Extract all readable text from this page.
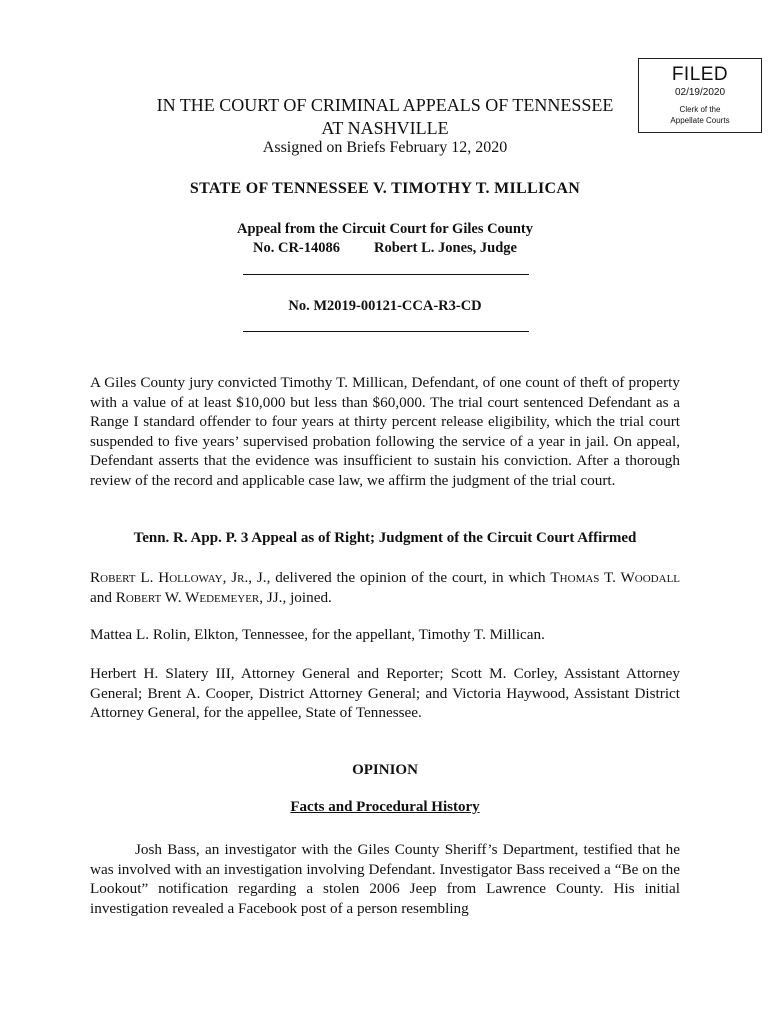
FILED
02/19/2020
Clerk of the
Appellate Courts
IN THE COURT OF CRIMINAL APPEALS OF TENNESSEE
AT NASHVILLE
Assigned on Briefs February 12, 2020
STATE OF TENNESSEE V. TIMOTHY T. MILLICAN
Appeal from the Circuit Court for Giles County
No. CR-14086 Robert L. Jones, Judge
No. M2019-00121-CCA-R3-CD
A Giles County jury convicted Timothy T. Millican, Defendant, of one count of theft of property with a value of at least $10,000 but less than $60,000. The trial court sentenced Defendant as a Range I standard offender to four years at thirty percent release eligibility, which the trial court suspended to five years’ supervised probation following the service of a year in jail. On appeal, Defendant asserts that the evidence was insufficient to sustain his conviction. After a thorough review of the record and applicable case law, we affirm the judgment of the trial court.
Tenn. R. App. P. 3 Appeal as of Right; Judgment of the Circuit Court Affirmed
Robert L. Holloway, Jr., J., delivered the opinion of the court, in which Thomas T. Woodall and Robert W. Wedemeyer, JJ., joined.
Mattea L. Rolin, Elkton, Tennessee, for the appellant, Timothy T. Millican.
Herbert H. Slatery III, Attorney General and Reporter; Scott M. Corley, Assistant Attorney General; Brent A. Cooper, District Attorney General; and Victoria Haywood, Assistant District Attorney General, for the appellee, State of Tennessee.
OPINION
Facts and Procedural History
Josh Bass, an investigator with the Giles County Sheriff’s Department, testified that he was involved with an investigation involving Defendant. Investigator Bass received a “Be on the Lookout” notification regarding a stolen 2006 Jeep from Lawrence County. His initial investigation revealed a Facebook post of a person resembling
